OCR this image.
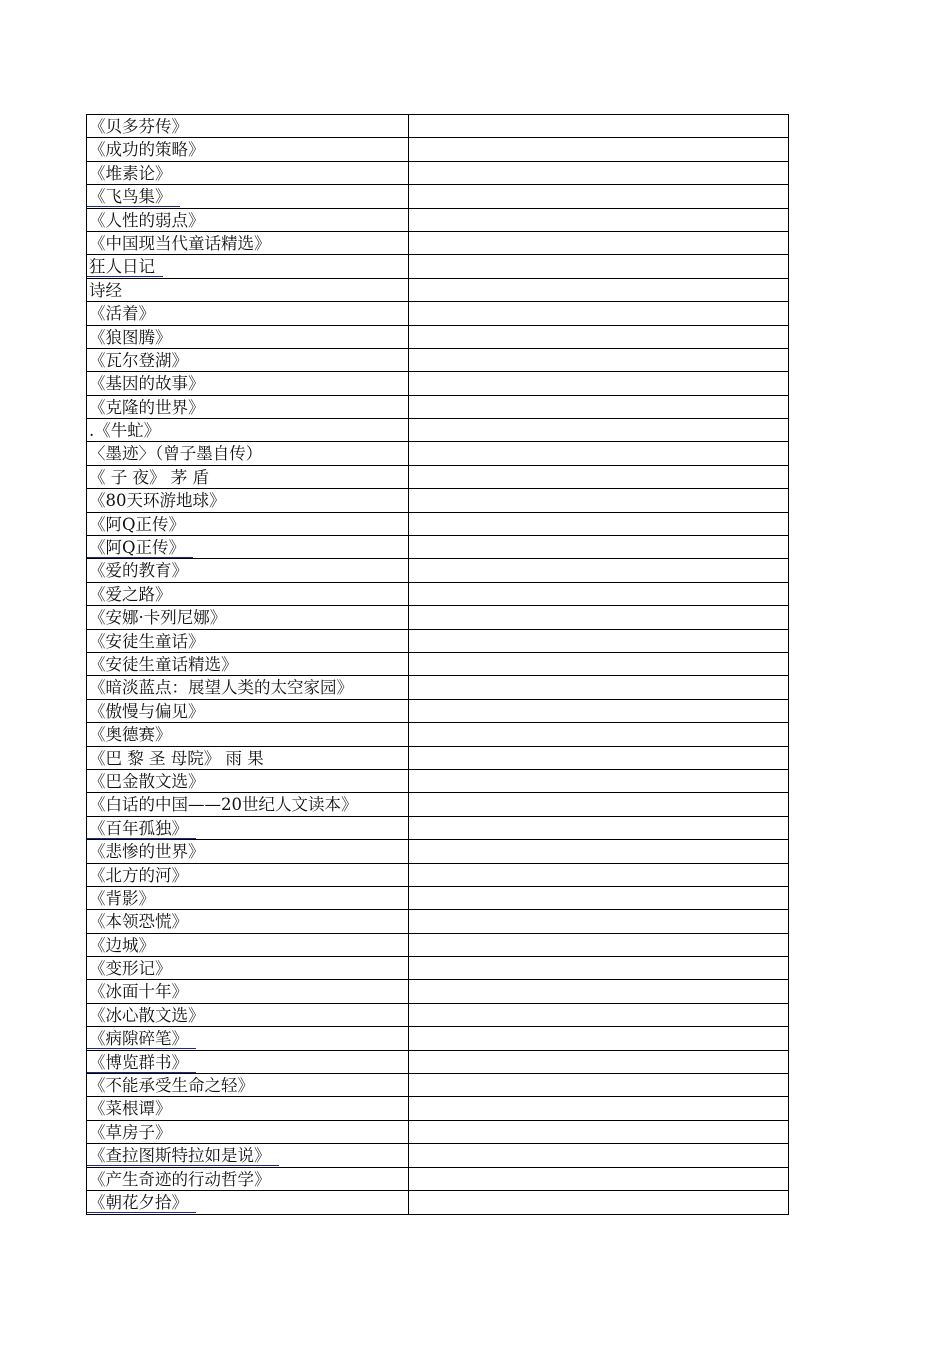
《贝多芬传》
《成功的策略》
《堆素论》
《飞鸟集》
《人性的弱点》
《中国现当代童话精选》
狂人日记
诗经
《活着》
《狼图腾》
《瓦尔登湖》
《基因的故事》
《克隆的世界》
.《牛虻》
〈墨迹〉（曾子墨自传）
《 子 夜》 茅 盾
《80天环游地球》
《阿Q正传》
《阿Q正传》
《爱的教育》
《爱之路》
《安娜·卡列尼娜》
《安徒生童话》
《安徒生童话精选》
《暗淡蓝点：展望人类的太空家园》
《傲慢与偏见》
《奥德赛》
《巴 黎 圣 母院》 雨 果
《巴金散文选》
《白话的中国——20世纪人文读本》
《百年孤独》
《悲惨的世界》
《北方的河》
《背影》
《本领恐慌》
《边城》
《变形记》
《冰面十年》
《冰心散文选》
《病隙碎笔》
《博览群书》
《不能承受生命之轻》
《菜根谭》
《草房子》
《查拉图斯特拉如是说》
《产生奇迹的行动哲学》
《朝花夕拾》
